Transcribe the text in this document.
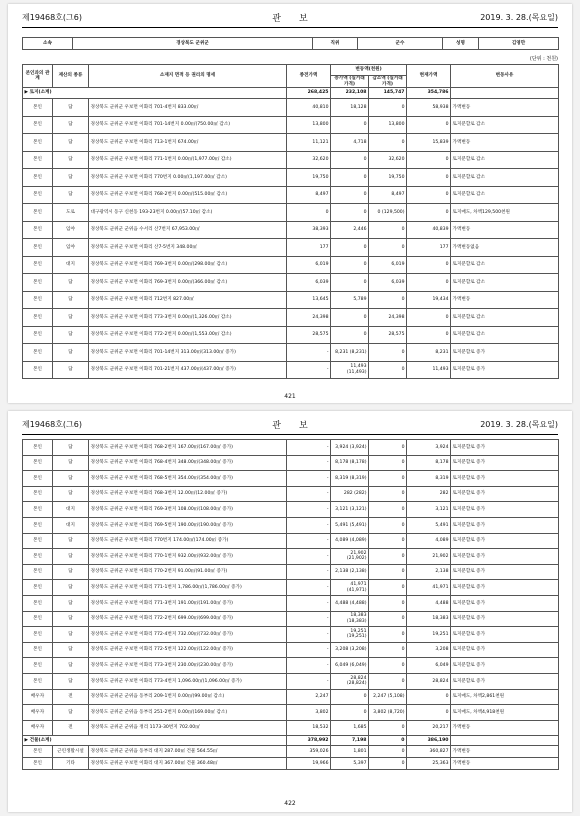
제19468호(그6)	관　　보	2019. 3. 28.(목요일)
소속	경상북도 군위군	직위	군수	성명	김영만
(단위 : 천원)
본인과의 관계	재산의 종류	소재지 면적 등 권리의 명세	종전가액	변동액(천원)		현재가액	변동사유
				증가액 (실거래가격)	감소액 (실거래가격)		
▶ 토지(소계)			268,425	232,108	145,747	354,786	
본인	답	경상북도 군위군 우보면 이화리 701-4번지 833.00㎡	40,810	18,128	0	58,938	가액변동
본인	답	경상북도 군위군 우보면 이화리 701-14번지 0.00㎡(750.00㎡ 감소)	13,800	0	13,800	0	토지분할로 감소
본인	답	경상북도 군위군 우보면 이화리 713-1번지 674.00㎡	11,121	4,718	0	15,839	가액변동
본인	답	경상북도 군위군 우보면 이화리 771-1번지 0.00㎡(1,977.00㎡ 감소)	32,620	0	32,620	0	토지분할로 감소
본인	답	경상북도 군위군 우보면 이화리 770번지 0.00㎡(1,197.00㎡ 감소)	19,750	0	19,750	0	토지분할로 감소
본인	답	경상북도 군위군 우보면 이화리 768-2번지 0.00㎡(515.00㎡ 감소)	8,497	0	8,497	0	토지분할로 감소
본인	도로	대구광역시 동구 신천동 193-23번지 0.00㎡(57.10㎡ 감소)	0	0	0 (129,500)	0	토지매도, 차액129,500천원
본인	임야	경상북도 군위군 군위읍 수서리 산7번지 67,953.00㎡	38,393	2,446	0	40,839	가액변동
본인	임야	경상북도 군위군 우보면 이화리 산7-5번지 348.00㎡	177	0	0	177	가액변동없음
본인	대지	경상북도 군위군 우보면 이화리 769-3번지 0.00㎡(298.00㎡ 감소)	6,019	0	6,019	0	토지분할로 감소
본인	답	경상북도 군위군 우보면 이화리 769-3번지 0.00㎡(366.00㎡ 감소)	6,039	0	6,039	0	토지분할로 감소
본인	답	경상북도 군위군 우보면 이화리 712번지 827.00㎡	13,645	5,789	0	19,434	가액변동
본인	답	경상북도 군위군 우보면 이화리 773-3번지 0.00㎡(1,326.00㎡ 감소)	24,398	0	24,398	0	토지분할로 감소
본인	답	경상북도 군위군 우보면 이화리 772-2번지 0.00㎡(1,553.00㎡ 감소)	28,575	0	28,575	0	토지분할로 감소
본인	답	경상북도 군위군 우보면 이화리 701-14번지 313.00㎡(313.00㎡ 증가)	-	8,231 (8,231)	0	8,231	토지분할로 증가
본인	답	경상북도 군위군 우보면 이화리 701-21번지 437.00㎡(437.00㎡ 증가)	-	11,493 (11,493)	0	11,493	토지분할로 증가
421
제19468호(그6)	관　　보	2019. 3. 28.(목요일)
본인	답	경상북도 군위군 우보면 이화리 768-2번지 167.00㎡(167.00㎡ 증가)	-	3,924 (3,924)	0	3,924	토지분할로 증가
본인	답	경상북도 군위군 우보면 이화리 768-4번지 348.00㎡(348.00㎡ 증가)	-	8,178 (8,178)	0	8,178	토지분할로 증가
본인	답	경상북도 군위군 우보면 이화리 768-5번지 354.00㎡(354.00㎡ 증가)	-	8,319 (8,319)	0	8,319	토지분할로 증가
본인	답	경상북도 군위군 우보면 이화리 768-3번지 12.00㎡(12.00㎡ 증가)	-	282 (282)	0	282	토지분할로 증가
본인	대지	경상북도 군위군 우보면 이화리 769-3번지 108.00㎡(108.00㎡ 증가)	-	3,121 (3,121)	0	3,121	토지분할로 증가
본인	대지	경상북도 군위군 우보면 이화리 769-5번지 190.00㎡(190.00㎡ 증가)	-	5,491 (5,491)	0	5,491	토지분할로 증가
본인	답	경상북도 군위군 우보면 이화리 770번지 174.00㎡(174.00㎡ 증가)	-	4,089 (4,089)	0	4,089	토지분할로 증가
본인	답	경상북도 군위군 우보면 이화리 770-1번지 932.00㎡(932.00㎡ 증가)	-	21,902 (21,902)	0	21,902	토지분할로 증가
본인	답	경상북도 군위군 우보면 이화리 770-2번지 91.00㎡(91.00㎡ 증가)	-	2,138 (2,138)	0	2,138	토지분할로 증가
본인	답	경상북도 군위군 우보면 이화리 771-1번지 1,786.00㎡(1,786.00㎡ 증가)	-	41,971 (41,971)	0	41,971	토지분할로 증가
본인	답	경상북도 군위군 우보면 이화리 771-3번지 191.00㎡(191.00㎡ 증가)	-	4,488 (4,488)	0	4,488	토지분할로 증가
본인	답	경상북도 군위군 우보면 이화리 772-2번지 699.00㎡(699.00㎡ 증가)	-	18,383 (18,383)	0	18,383	토지분할로 증가
본인	답	경상북도 군위군 우보면 이화리 772-4번지 732.00㎡(732.00㎡ 증가)	-	19,251 (19,251)	0	19,251	토지분할로 증가
본인	답	경상북도 군위군 우보면 이화리 772-5번지 122.00㎡(122.00㎡ 증가)	-	3,208 (3,208)	0	3,208	토지분할로 증가
본인	답	경상북도 군위군 우보면 이화리 773-3번지 230.00㎡(230.00㎡ 증가)	-	6,049 (6,049)	0	6,049	토지분할로 증가
본인	답	경상북도 군위군 우보면 이화리 773-4번지 1,096.00㎡(1,096.00㎡ 증가)	-	28,824 (28,824)	0	28,824	토지분할로 증가
배우자	전	경상북도 군위군 군위읍 동부리 209-1번지 0.00㎡(99.00㎡ 감소)	2,247	0	2,247 (5,108)	0	토지매도, 차액2,861천원
배우자	답	경상북도 군위군 군위읍 동부리 251-2번지 0.00㎡(169.00㎡ 감소)	3,802	0	3,802 (8,720)	0	토지매도, 차액4,918천원
배우자	전	경상북도 군위군 군위읍 정리 1173-30번지 702.00㎡	18,532	1,685	0	20,217	가액변동
▶ 건물(소계)			378,992	7,198	0	386,190	
본인	근린생활시설	경상북도 군위군 군위읍 동부리 대지 287.00㎡ 건물 564.55㎡	359,026	1,801	0	360,827	가액변동
본인	기타	경상북도 군위군 우보면 이화리 대지 367.00㎡ 건물 360.48㎡	19,966	5,397	0	25,363	가액변동
422
